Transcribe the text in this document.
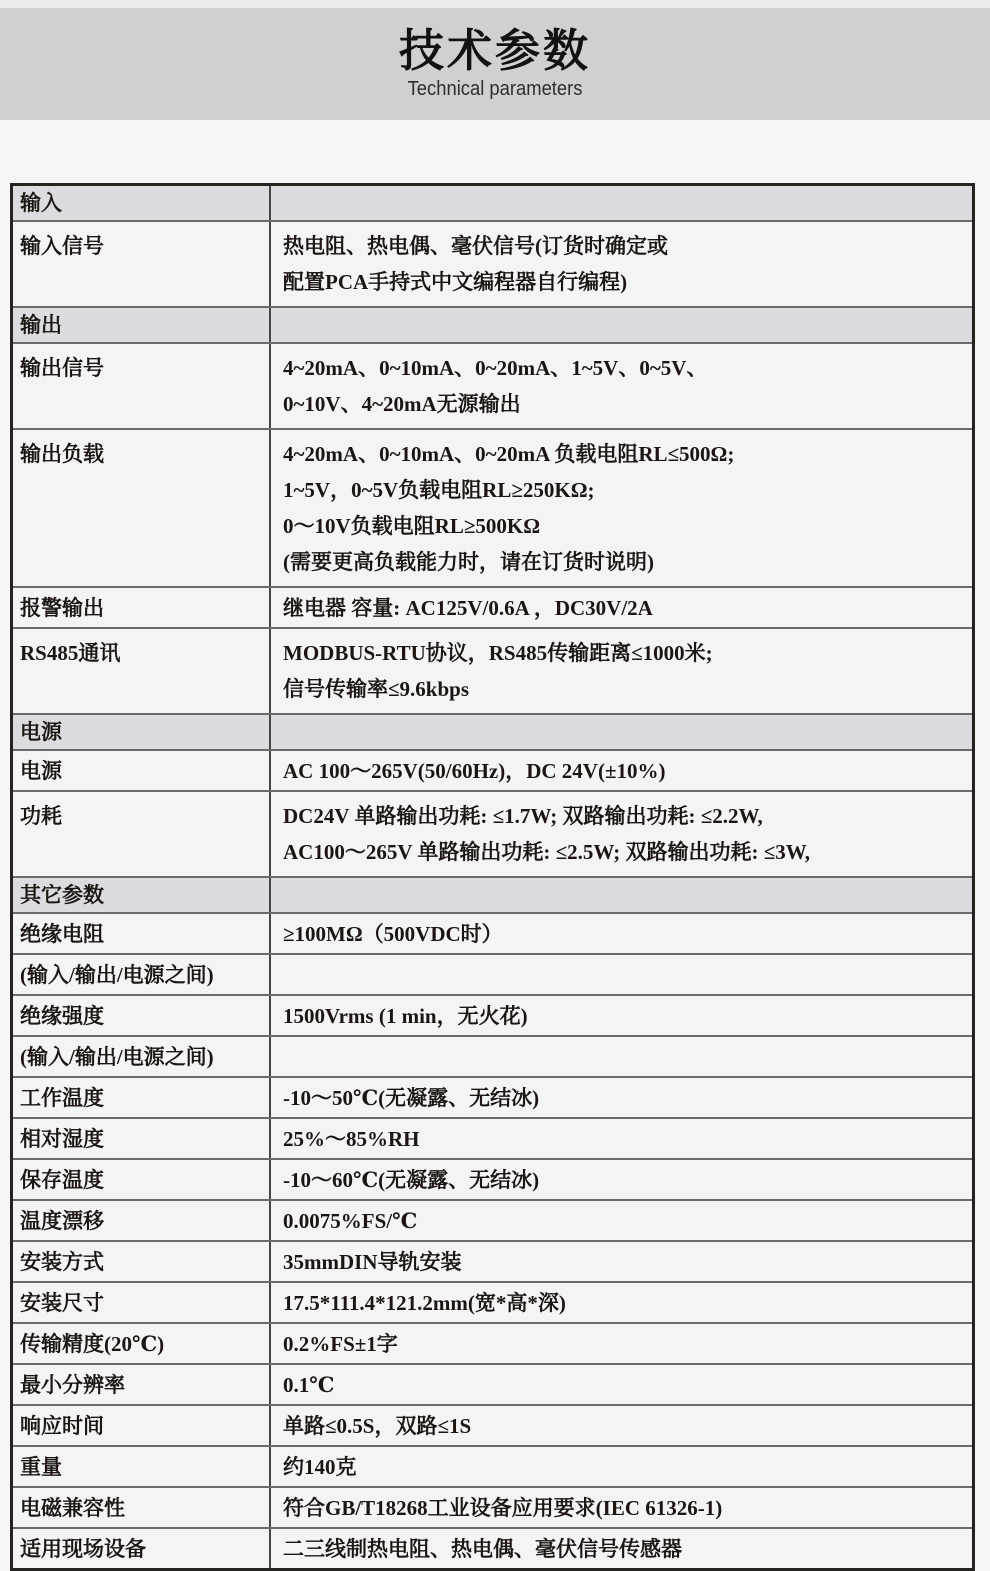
技术参数
Technical parameters
输入
输入信号	热电阻、热电偶、毫伏信号(订货时确定或
配置PCA手持式中文编程器自行编程)
输出
输出信号	4~20mA、0~10mA、0~20mA、1~5V、0~5V、
0~10V、4~20mA无源输出
输出负载	4~20mA、0~10mA、0~20mA 负载电阻RL≤500Ω;
1~5V，0~5V负载电阻RL≥250KΩ;
0～10V负载电阻RL≥500KΩ
(需要更高负载能力时，请在订货时说明)
报警输出	继电器 容量: AC125V/0.6A ，DC30V/2A
RS485通讯	MODBUS-RTU协议，RS485传输距离≤1000米;
信号传输率≤9.6kbps
电源
电源	AC 100～265V(50/60Hz)，DC 24V(±10%)
功耗	DC24V 单路输出功耗: ≤1.7W; 双路输出功耗: ≤2.2W,
AC100～265V 单路输出功耗: ≤2.5W; 双路输出功耗: ≤3W,
其它参数
绝缘电阻	≥100MΩ（500VDC时）
(输入/输出/电源之间)
绝缘强度	1500Vrms (1 min，无火花)
(输入/输出/电源之间)
工作温度	-10～50℃(无凝露、无结冰)
相对湿度	25%～85%RH
保存温度	-10～60℃(无凝露、无结冰)
温度漂移	0.0075%FS/℃
安装方式	35mmDIN导轨安装
安装尺寸	17.5*111.4*121.2mm(宽*高*深)
传输精度(20℃)	0.2%FS±1字
最小分辨率	0.1℃
响应时间	单路≤0.5S，双路≤1S
重量	约140克
电磁兼容性	符合GB/T18268工业设备应用要求(IEC 61326-1)
适用现场设备	二三线制热电阻、热电偶、毫伏信号传感器
